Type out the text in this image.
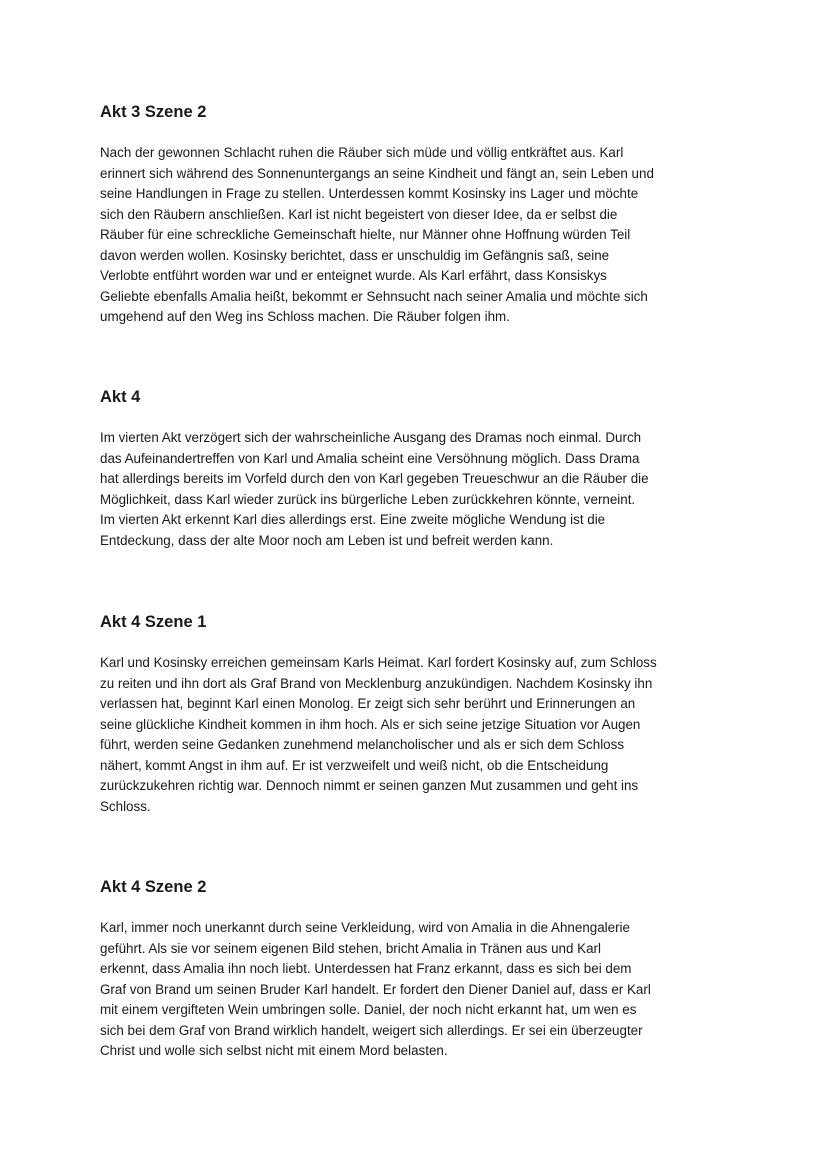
Akt 3 Szene 2

Nach der gewonnen Schlacht ruhen die Räuber sich müde und völlig entkräftet aus. Karl
erinnert sich während des Sonnenuntergangs an seine Kindheit und fängt an, sein Leben und
seine Handlungen in Frage zu stellen. Unterdessen kommt Kosinsky ins Lager und möchte
sich den Räubern anschließen. Karl ist nicht begeistert von dieser Idee, da er selbst die
Räuber für eine schreckliche Gemeinschaft hielte, nur Männer ohne Hoffnung würden Teil
davon werden wollen. Kosinsky berichtet, dass er unschuldig im Gefängnis saß, seine
Verlobte entführt worden war und er enteignet wurde. Als Karl erfährt, dass Konsiskys
Geliebte ebenfalls Amalia heißt, bekommt er Sehnsucht nach seiner Amalia und möchte sich
umgehend auf den Weg ins Schloss machen. Die Räuber folgen ihm.

Akt 4

Im vierten Akt verzögert sich der wahrscheinliche Ausgang des Dramas noch einmal. Durch
das Aufeinandertreffen von Karl und Amalia scheint eine Versöhnung möglich. Dass Drama
hat allerdings bereits im Vorfeld durch den von Karl gegeben Treueschwur an die Räuber die
Möglichkeit, dass Karl wieder zurück ins bürgerliche Leben zurückkehren könnte, verneint.
Im vierten Akt erkennt Karl dies allerdings erst. Eine zweite mögliche Wendung ist die
Entdeckung, dass der alte Moor noch am Leben ist und befreit werden kann.

Akt 4 Szene 1

Karl und Kosinsky erreichen gemeinsam Karls Heimat. Karl fordert Kosinsky auf, zum Schloss
zu reiten und ihn dort als Graf Brand von Mecklenburg anzukündigen. Nachdem Kosinsky ihn
verlassen hat, beginnt Karl einen Monolog. Er zeigt sich sehr berührt und Erinnerungen an
seine glückliche Kindheit kommen in ihm hoch. Als er sich seine jetzige Situation vor Augen
führt, werden seine Gedanken zunehmend melancholischer und als er sich dem Schloss
nähert, kommt Angst in ihm auf. Er ist verzweifelt und weiß nicht, ob die Entscheidung
zurückzukehren richtig war. Dennoch nimmt er seinen ganzen Mut zusammen und geht ins
Schloss.

Akt 4 Szene 2

Karl, immer noch unerkannt durch seine Verkleidung, wird von Amalia in die Ahnengalerie
geführt. Als sie vor seinem eigenen Bild stehen, bricht Amalia in Tränen aus und Karl
erkennt, dass Amalia ihn noch liebt. Unterdessen hat Franz erkannt, dass es sich bei dem
Graf von Brand um seinen Bruder Karl handelt. Er fordert den Diener Daniel auf, dass er Karl
mit einem vergifteten Wein umbringen solle. Daniel, der noch nicht erkannt hat, um wen es
sich bei dem Graf von Brand wirklich handelt, weigert sich allerdings. Er sei ein überzeugter
Christ und wolle sich selbst nicht mit einem Mord belasten.
